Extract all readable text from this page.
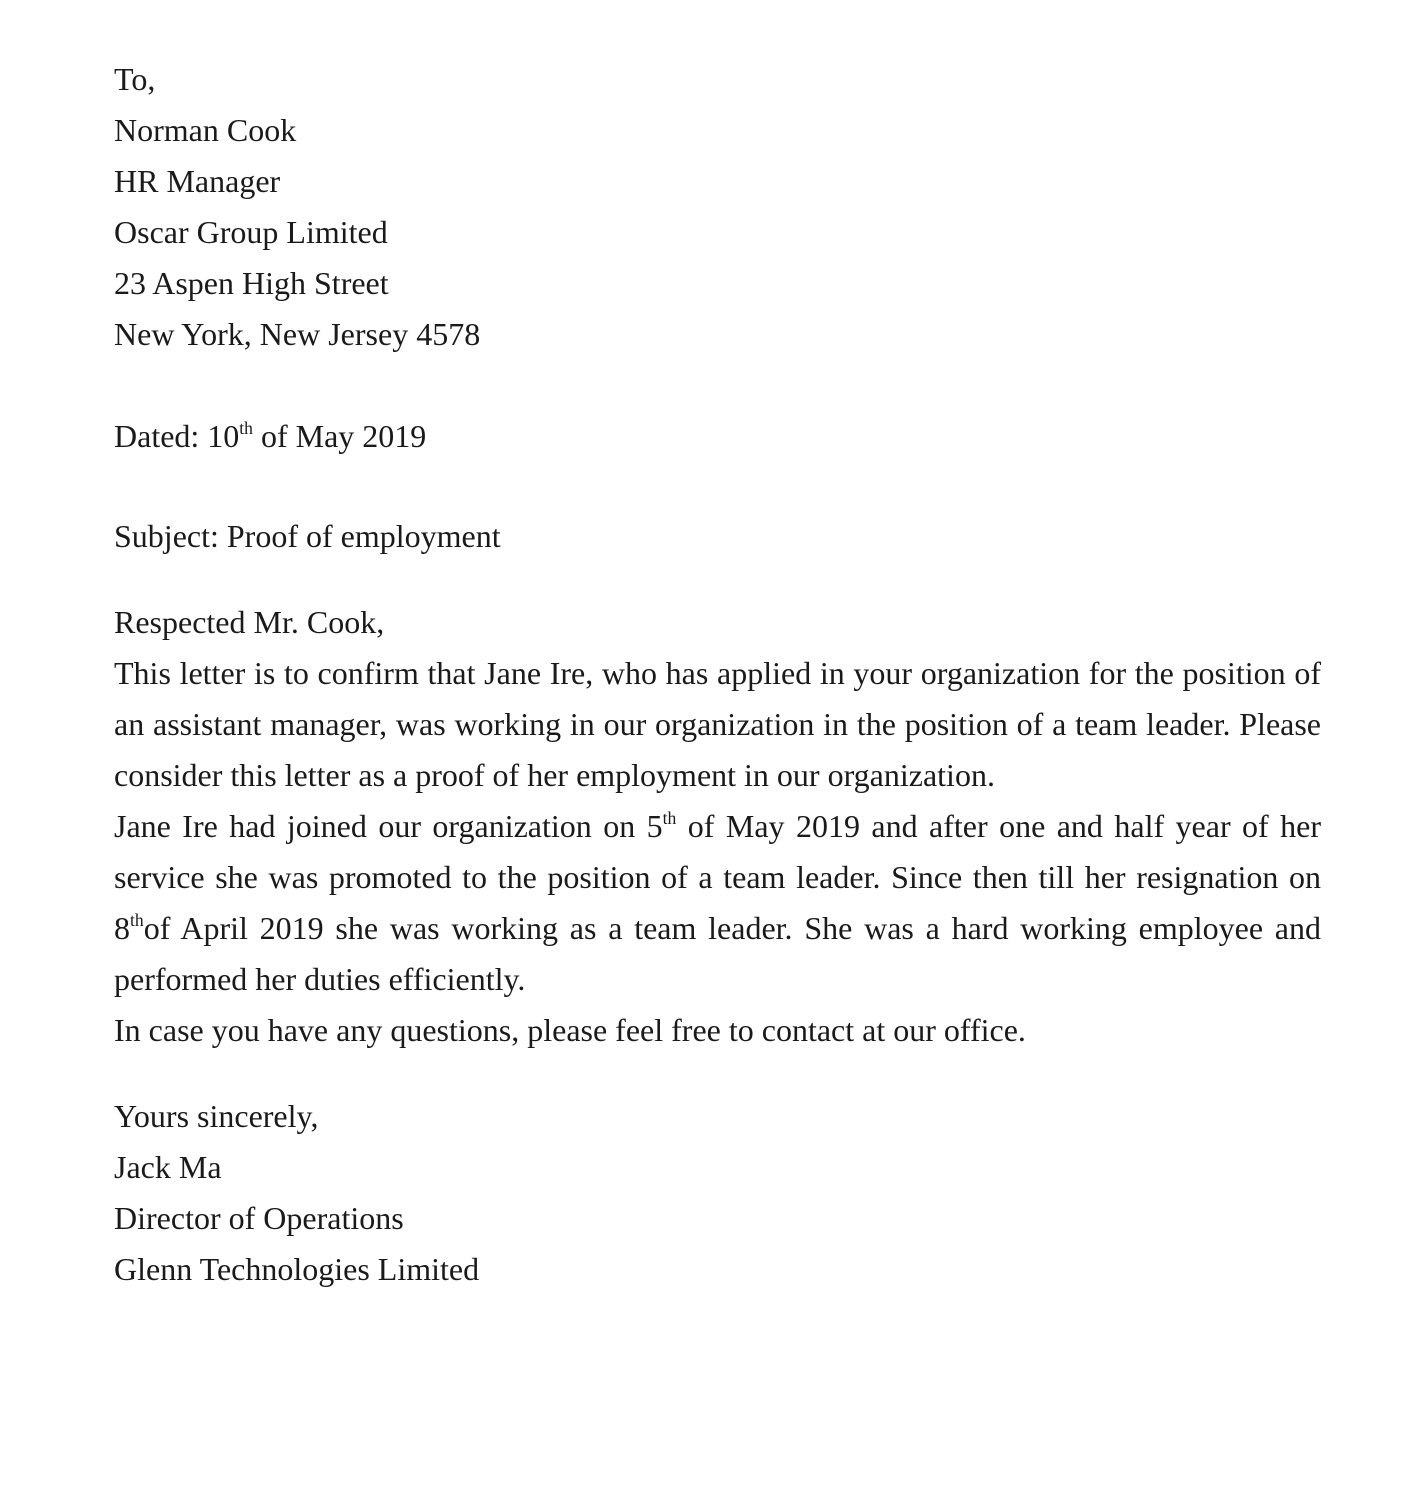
To,
Norman Cook
HR Manager
Oscar Group Limited
23 Aspen High Street
New York, New Jersey 4578
Dated: 10th of May 2019
Subject: Proof of employment
Respected Mr. Cook,

This letter is to confirm that Jane Ire, who has applied in your organization for the position of an assistant manager, was working in our organization in the position of a team leader. Please consider this letter as a proof of her employment in our organization.

Jane Ire had joined our organization on 5th of May 2019 and after one and half year of her service she was promoted to the position of a team leader. Since then till her resignation on 8thof April 2019 she was working as a team leader. She was a hard working employee and performed her duties efficiently.

In case you have any questions, please feel free to contact at our office.

Yours sincerely,
Jack Ma
Director of Operations
Glenn Technologies Limited
